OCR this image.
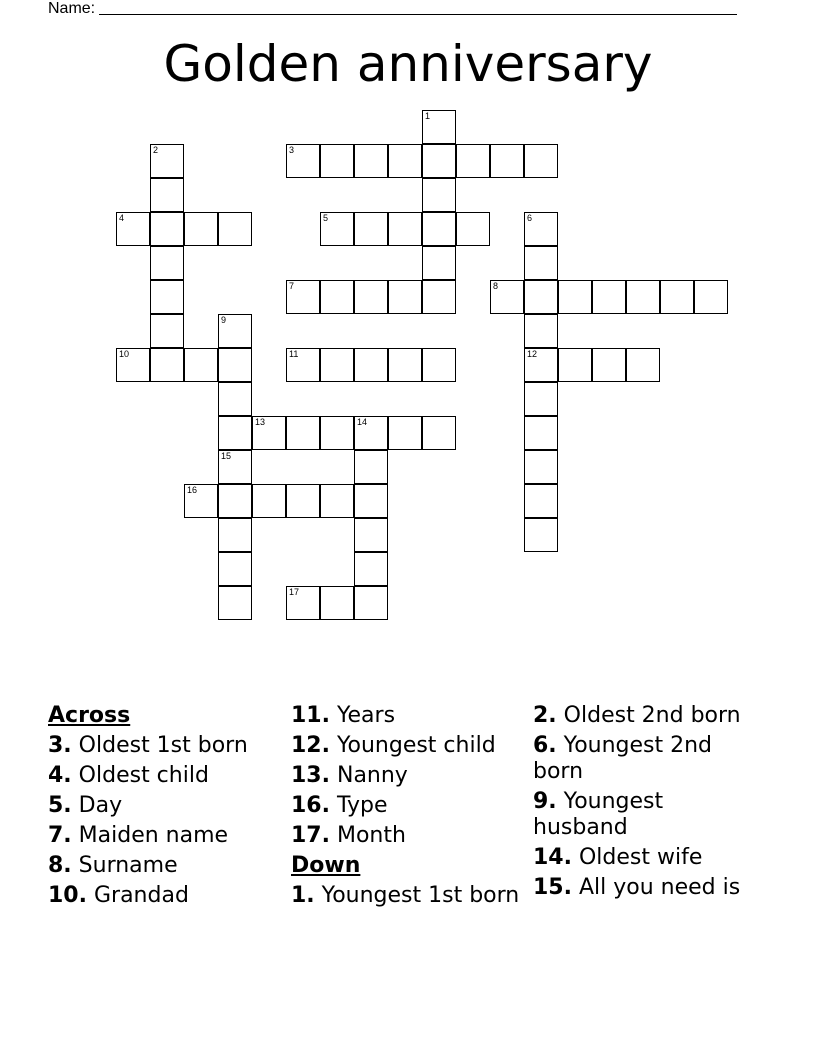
Name:
Golden anniversary
1
2	3
4	5	6
12
7	8
9
15
10	11
13	14
16
17
Across
3. Oldest 1st born
4. Oldest child
5. Day
7. Maiden name
8. Surname
10. Grandad
11. Years
12. Youngest child
13. Nanny
16. Type
17. Month
Down
1. Youngest 1st born
2. Oldest 2nd born
6. Youngest 2nd born
9. Youngest husband
14. Oldest wife
15. All you need is
